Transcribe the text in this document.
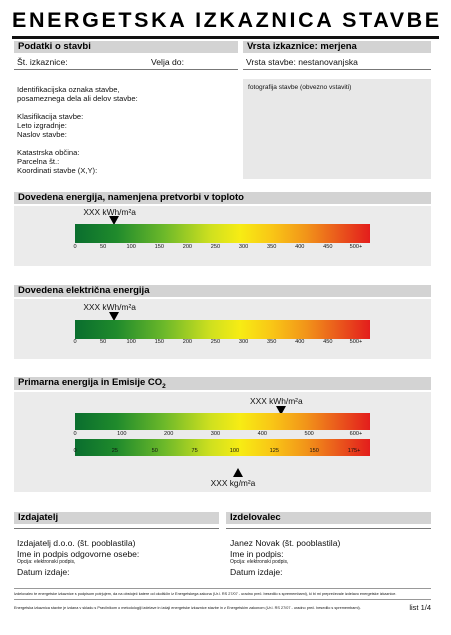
ENERGETSKA IZKAZNICA STAVBE
Podatki o stavbi	Vrsta izkaznice: merjena
Št. izkaznice:	Velja do:	Vrsta stavbe: nestanovanjska
Identifikacijska oznaka stavbe,
posameznega dela ali delov stavbe:
Klasifikacija stavbe:
Leto izgradnje:
Naslov stavbe:
Katastrska občina:
Parcelna št.:
Koordinati stavbe (X,Y):
fotografija stavbe (obvezno vstaviti)
Dovedena energija, namenjena pretvorbi v toploto
XXX kWh/m²a
0	50	100	150	200	250	300	350	400	450	500+
Dovedena električna energija
XXX kWh/m²a
0	50	100	150	200	250	300	350	400	450	500+
Primarna energija in Emisije $CO_2$
XXX kWh/m²a
0	100	200	300	400	500	600+
0	25	50	75	100	125	150	175+
XXX kg/m²a
Izdajatelj	Izdelovalec
Izdajatelj d.o.o. (št. pooblastila)
Ime in podpis odgovorne osebe:
Opcija: elektronski podpis,
Datum izdaje:
Janez Novak (št. pooblastila)
Ime in podpis:
Opcija: elektronski podpis,
Datum izdaje:
Izdelovalec te energetske izkaznice s podpisom potrjujem, da na obstoječ katere od okoliščin iz Energetskega zakona (Ur.l. RS 27/07 - uradno preč. besedilo s spremembami), ki bi mi preprečevale izdelavo energetske izkaznice.
Energetska izkaznica stavbe je izdana v skladu s Pravilnikom o metodologiji izdelave in izdaji energetske izkaznice stavbe in z Energetskim zakonom (Ur.l. RS 27/07 - uradno preč. besedilo s spremembami).	list 1/4
